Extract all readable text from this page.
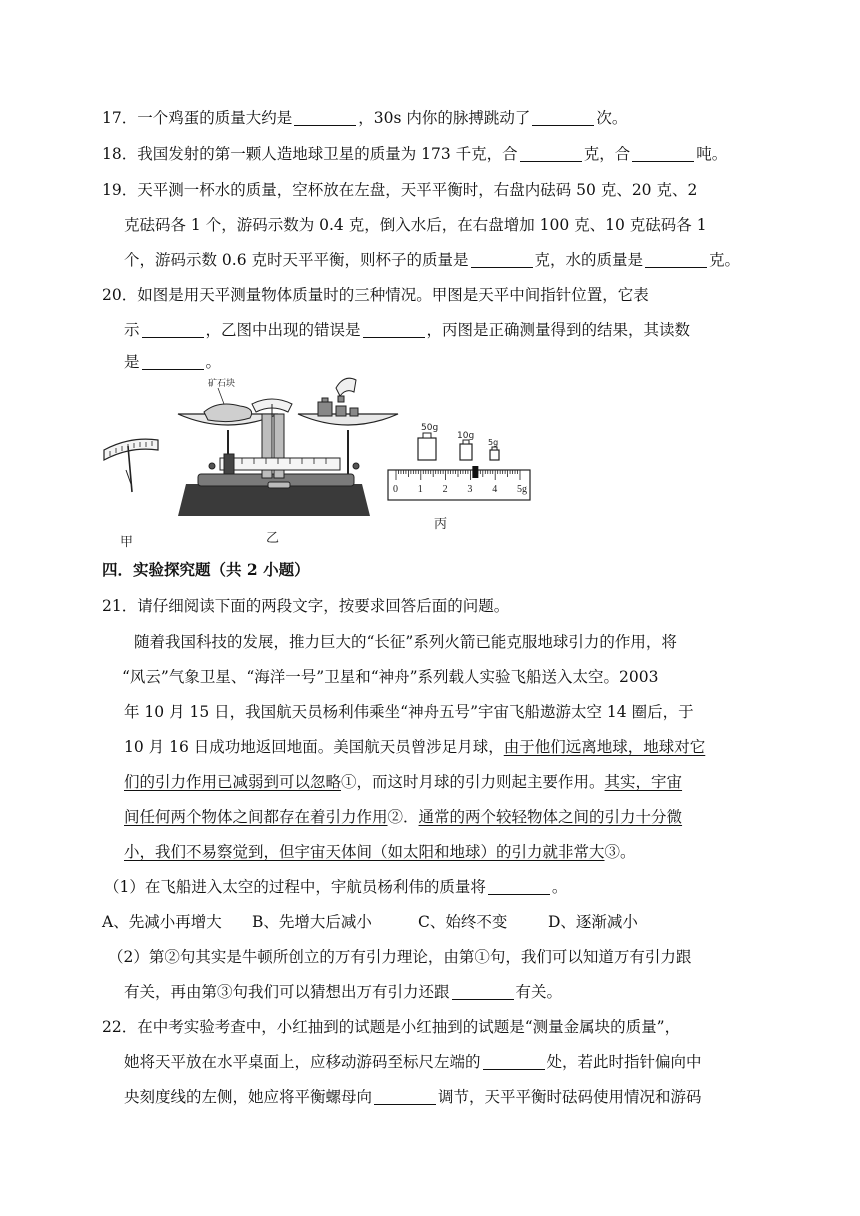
17．一个鸡蛋的质量大约是	，30s 内你的脉搏跳动了	次。
18．我国发射的第一颗人造地球卫星的质量为 173 千克，合	克，合	吨。
19．天平测一杯水的质量，空杯放在左盘，天平平衡时，右盘内砝码 50 克、20 克、2
克砝码各 1 个，游码示数为 0.4 克，倒入水后，在右盘增加 100 克、10 克砝码各 1
个，游码示数 0.6 克时天平平衡，则杯子的质量是	克，水的质量是	克。
20．如图是用天平测量物体质量时的三种情况。甲图是天平中间指针位置，它表
示	，乙图中出现的错误是	，丙图是正确测量得到的结果，其读数
是	。
甲
矿石块
乙
50g
10g
5g
0 1 2 3 4 5g
丙
四．实验探究题（共 2 小题）
21．请仔细阅读下面的两段文字，按要求回答后面的问题。
随着我国科技的发展，推力巨大的“长征”系列火箭已能克服地球引力的作用，将
“风云”气象卫星、“海洋一号”卫星和“神舟”系列载人实验飞船送入太空。2003
年 10 月 15 日，我国航天员杨利伟乘坐“神舟五号”宇宙飞船遨游太空 14 圈后，于
10 月 16 日成功地返回地面。美国航天员曾涉足月球，由于他们远离地球，地球对它
们的引力作用已减弱到可以忽略①，而这时月球的引力则起主要作用。其实，宇宙
间任何两个物体之间都存在着引力作用②．通常的两个较轻物体之间的引力十分微
小，我们不易察觉到，但宇宙天体间（如太阳和地球）的引力就非常大③。
（1）在飞船进入太空的过程中，宇航员杨利伟的质量将	。
A、先减小再增大 B、先增大后减小	C、始终不变	D、逐渐减小
（2）第②句其实是牛顿所创立的万有引力理论，由第①句，我们可以知道万有引力跟
有关，再由第③句我们可以猜想出万有引力还跟	有关。
22．在中考实验考查中，小红抽到的试题是小红抽到的试题是“测量金属块的质量”，
她将天平放在水平桌面上，应移动游码至标尺左端的	处，若此时指针偏向中
央刻度线的左侧，她应将平衡螺母向	调节，天平平衡时砝码使用情况和游码
